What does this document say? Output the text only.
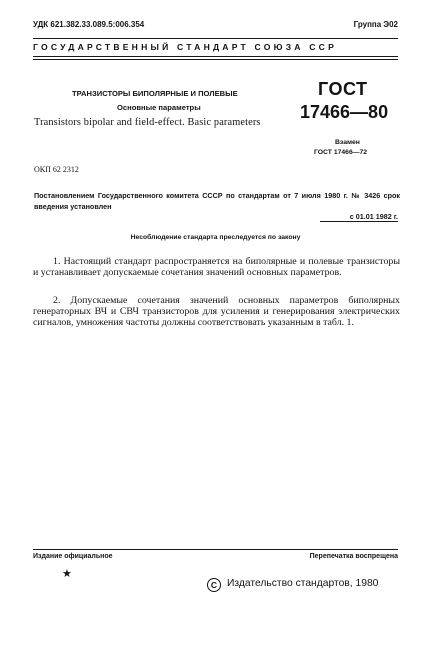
УДК 621.382.33.089.5:006.354	Группа Э02
ГОСУДАРСТВЕННЫЙ СТАНДАРТ СОЮЗА ССР
ТРАНЗИСТОРЫ БИПОЛЯРНЫЕ И ПОЛЕВЫЕ
Основные параметры
Transistors bipolar and field-effect. Basic parameters
ГОСТ
17466—80
Взамен
ГОСТ 17466—72
ОКП 62 2312
Постановлением Государственного комитета СССР по стандартам от 7 июля 1980 г. № 3426 срок введения установлен
с 01.01 1982 г.
Несоблюдение стандарта преследуется по закону
1. Настоящий стандарт распространяется на биполярные и полевые транзисторы и устанавливает допускаемые сочетания значений основных параметров.
2. Допускаемые сочетания значений основных параметров биполярных генераторных ВЧ и СВЧ транзисторов для усиления и генерирования электрических сигналов, умножения частоты должны соответствовать указанным в табл. 1.
Издание официальное	Перепечатка воспрещена
★
С Издательство стандартов, 1980
